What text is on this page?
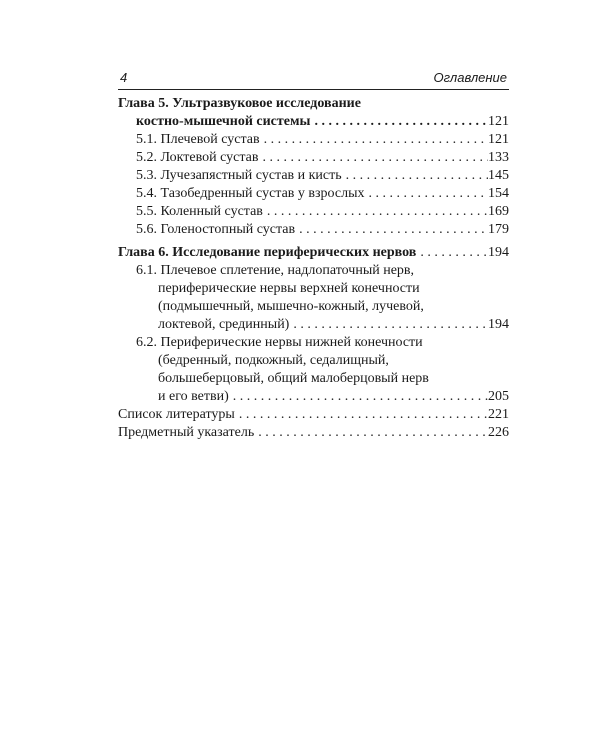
4	Оглавление
Глава 5. Ультразвуковое исследование
костно-мышечной системы . . .	121
5.1. Плечевой сустав . . .	121
5.2. Локтевой сустав . . .	133
5.3. Лучезапястный сустав и кисть . . .	145
5.4. Тазобедренный сустав у взрослых . . .	154
5.5. Коленный сустав . . .	169
5.6. Голеностопный сустав . . .	179
Глава 6. Исследование периферических нервов . . .	194
6.1. Плечевое сплетение, надлопаточный нерв,
периферические нервы верхней конечности
(подмышечный, мышечно-кожный, лучевой,
локтевой, срединный) . . .	194
6.2. Периферические нервы нижней конечности
(бедренный, подкожный, седалищный,
большеберцовый, общий малоберцовый нерв
и его ветви) . . .	205
Список литературы . . .	221
Предметный указатель . . .	226
